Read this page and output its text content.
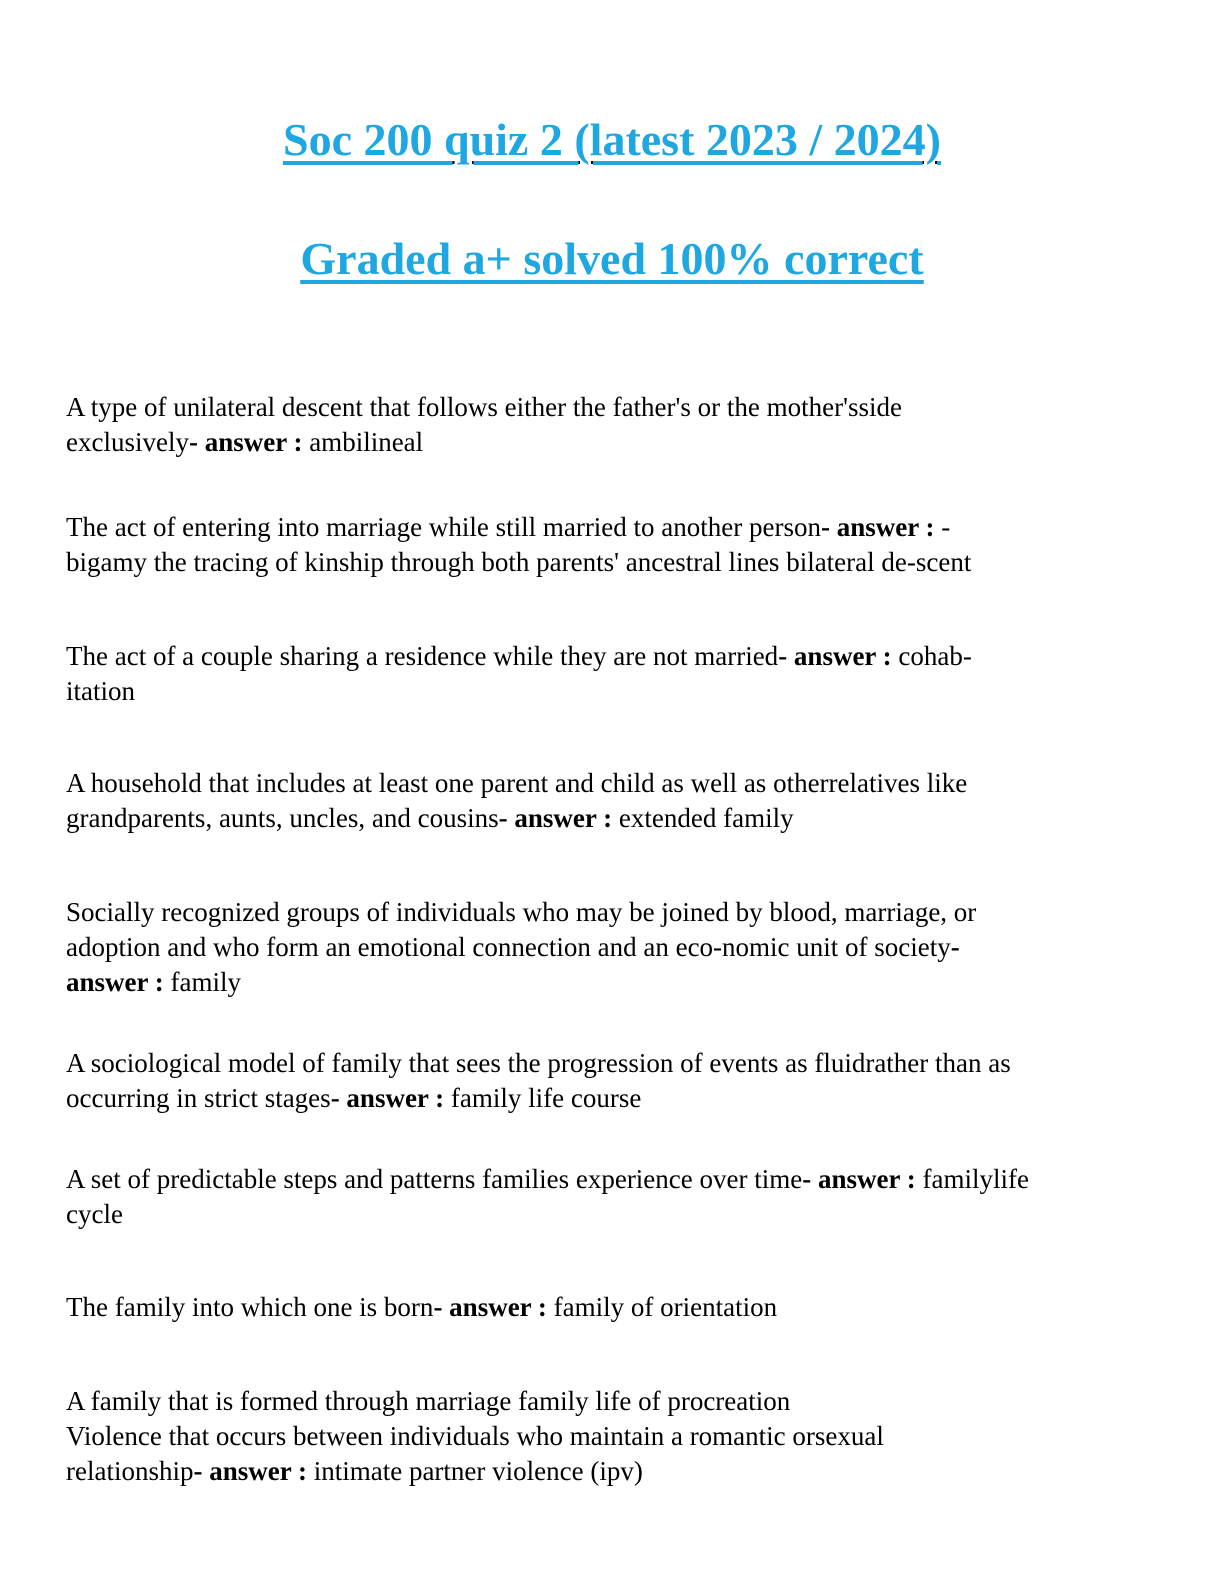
Soc 200 quiz 2 (latest 2023 / 2024)
Graded a+ solved 100% correct

A type of unilateral descent that follows either the father's or the mother'sside
exclusively- answer : ambilineal

The act of entering into marriage while still married to another person- answer : -
bigamy the tracing of kinship through both parents' ancestral lines bilateral de-scent

The act of a couple sharing a residence while they are not married- answer : cohab-
itation

A household that includes at least one parent and child as well as otherrelatives like
grandparents, aunts, uncles, and cousins- answer : extended family

Socially recognized groups of individuals who may be joined by blood, marriage, or
adoption and who form an emotional connection and an eco-nomic unit of society-
answer : family

A sociological model of family that sees the progression of events as fluidrather than as
occurring in strict stages- answer : family life course

A set of predictable steps and patterns families experience over time- answer : familylife
cycle

The family into which one is born- answer : family of orientation

A family that is formed through marriage family life of procreation
Violence that occurs between individuals who maintain a romantic orsexual
relationship- answer : intimate partner violence (ipv)
